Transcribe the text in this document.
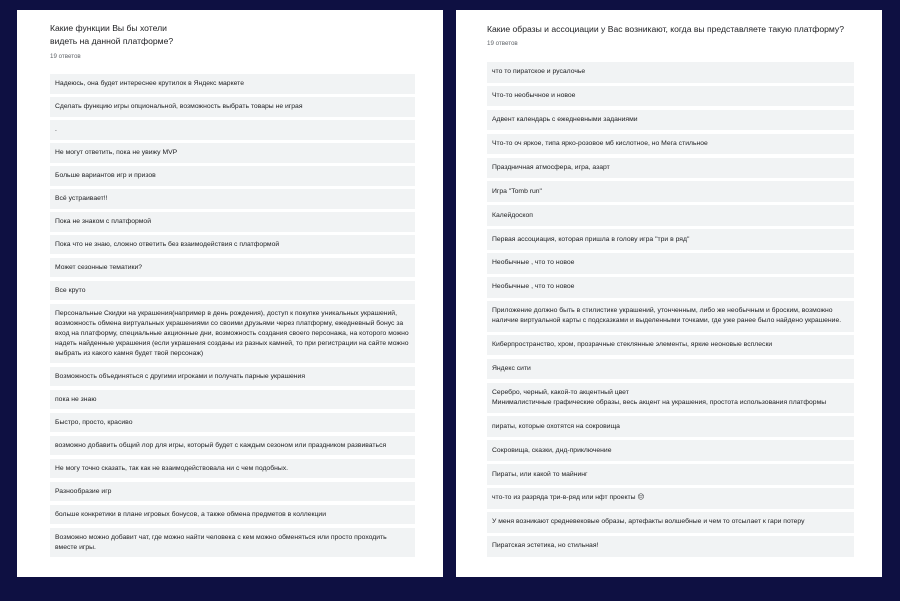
Какие функции Вы бы хотели
видеть на данной платформе?
19 ответов
Надеюсь, она будет интереснее крутилок в Яндекс маркете
Сделать функцию игры опциональной, возможность выбрать товары не играя
.
Не могут ответить, пока не увижу MVP
Больше вариантов игр и призов
Всё устраивает!!
Пока не знаком с платформой
Пока что не знаю, сложно ответить без взаимодействия с платформой
Может сезонные тематики?
Все круто
Персональные Скидки на украшения(например в день рождения), доступ к покупке уникальных украшений, возможность обмена виртуальных украшениями со своими друзьями через платформу, ежедневный бонус за вход на платформу, специальные акционные дни, возможность создания своего персонажа, на которого можно надеть найденные украшения (если украшения созданы из разных камней, то при регистрации на сайте можно выбрать из какого камня будет твой персонаж)
Возможность объединяться с другими игроками и получать парные украшения
пока не знаю
Быстро, просто, красиво
возможно добавить общий лор для игры, который будет с каждым сезоном или праздником развиваться
Не могу точно сказать, так как не взаимодействовала ни с чем подобных.
Разнообразие игр
больше конкретики в плане игровых бонусов, а также обмена предметов в коллекции
Возможно можно добавит чат, где можно найти человека с кем можно обменяться или просто проходить вместе игры.
Какие образы и ассоциации у Вас возникают, когда вы представляете такую платформу?
19 ответов
что то пиратское и русалочье
Что-то необычное и новое
Адвент календарь с ежедневными заданиями
Что-то оч яркое, типа ярко-розовое мб кислотное, но Мега стильное
Праздничная атмосфера, игра, азарт
Игра "Tomb run"
Калейдоскоп
Первая ассоциация, которая пришла в голову игра "три в ряд"
Необычные , что то новое
Необычные , что то новое
Приложение должно быть в стилистике украшений, утонченным, либо же необычным и броским, возможно наличие виртуальной карты с подсказками и выделенными точками, где уже ранее было найдено украшение.
Киберпространство, хром, прозрачные стеклянные элементы, яркие неоновые всплески
Яндекс сити
Серебро, черный, какой-то акцентный цвет
Минималистичные графические образы, весь акцент на украшения, простота использования платформы
пираты, которые охотятся на сокровища
Сокровища, сказки, днд-приключение
Пираты, или какой то майнинг
что-то из разряда три-в-ряд или нфт проекты 😔
У меня возникают средневековые образы, артефакты волшебные и чем то отсылает к гари потеру
Пиратская эстетика, но стильная!
